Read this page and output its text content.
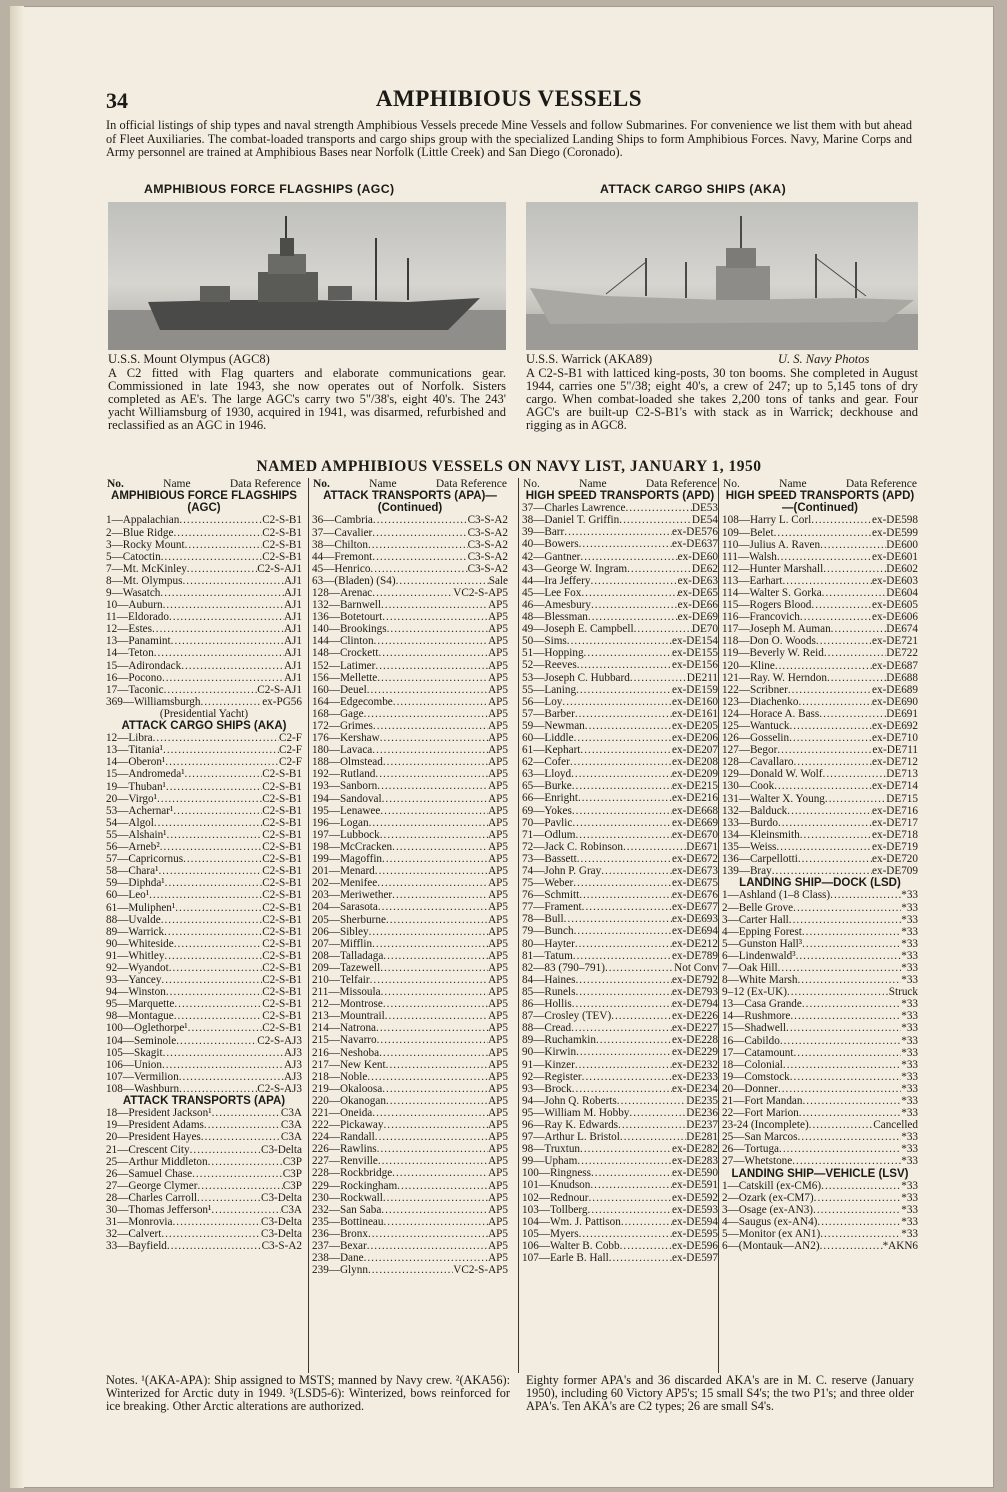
34	AMPHIBIOUS VESSELS
In official listings of ship types and naval strength Amphibious Vessels precede Mine Vessels and follow Submarines. For convenience we list them with but ahead of Fleet Auxiliaries. The combat-loaded transports and cargo ships group with the specialized Landing Ships to form Amphibious Forces. Navy, Marine Corps and Army personnel are trained at Amphibious Bases near Norfolk (Little Creek) and San Diego (Coronado).
AMPHIBIOUS FORCE FLAGSHIPS (AGC)	ATTACK CARGO SHIPS (AKA)
U.S.S. Mount Olympus (AGC8)	U.S.S. Warrick (AKA89)	U. S. Navy Photos
A C2 fitted with Flag quarters and elaborate communications gear. Commissioned in late 1943, she now operates out of Norfolk. Sisters completed as AE's. The large AGC's carry two 5"/38's, eight 40's. The 243' yacht Williamsburg of 1930, acquired in 1941, was disarmed, refurbished and reclassified as an AGC in 1946.
A C2-S-B1 with latticed king-posts, 30 ton booms. She completed in August 1944, carries one 5"/38; eight 40's, a crew of 247; up to 5,145 tons of dry cargo. When combat-loaded she takes 2,200 tons of tanks and gear. Four AGC's are built-up C2-S-B1's with stack as in Warrick; deckhouse and rigging as in AGC8.
NAMED AMPHIBIOUS VESSELS ON NAVY LIST, JANUARY 1, 1950
No.	Name	Data Reference
AMPHIBIOUS FORCE FLAGSHIPS (AGC)
1—Appalachian .....	C2-S-B1
2—Blue Ridge .....	C2-S-B1
3—Rocky Mount .....	C2-S-B1
5—Catoctin .....	C2-S-B1
7—Mt. McKinley .....	C2-S-AJ1
8—Mt. Olympus .....	AJ1
9—Wasatch .....	AJ1
10—Auburn .....	AJ1
11—Eldorado .....	AJ1
12—Estes .....	AJ1
13—Panamint .....	AJ1
14—Teton .....	AJ1
15—Adirondack .....	AJ1
16—Pocono .....	AJ1
17—Taconic .....	C2-S-AJ1
369—Williamsburgh .....	ex-PG56
(Presidential Yacht)
ATTACK CARGO SHIPS (AKA)
12—Libra .....	C2-F
13—Titania¹ .....	C2-F
14—Oberon¹ .....	C2-F
15—Andromeda¹ .....	C2-S-B1
19—Thuban¹ .....	C2-S-B1
20—Virgo¹ .....	C2-S-B1
53—Achernar¹ .....	C2-S-B1
54—Algol .....	C2-S-B1
55—Alshain¹ .....	C2-S-B1
56—Arneb² .....	C2-S-B1
57—Capricornus .....	C2-S-B1
58—Chara¹ .....	C2-S-B1
59—Diphda¹ .....	C2-S-B1
60—Leo¹ .....	C2-S-B1
61—Muliphen¹ .....	C2-S-B1
88—Uvalde .....	C2-S-B1
89—Warrick .....	C2-S-B1
90—Whiteside .....	C2-S-B1
91—Whitley .....	C2-S-B1
92—Wyandot .....	C2-S-B1
93—Yancey .....	C2-S-B1
94—Winston .....	C2-S-B1
95—Marquette .....	C2-S-B1
98—Montague .....	C2-S-B1
100—Oglethorpe¹ .....	C2-S-B1
104—Seminole .....	C2-S-AJ3
105—Skagit .....	AJ3
106—Union .....	AJ3
107—Vermilion .....	AJ3
108—Washburn .....	C2-S-AJ3
ATTACK TRANSPORTS (APA)
18—President Jackson¹ .....	C3A
19—President Adams .....	C3A
20—President Hayes .....	C3A
21—Crescent City .....	C3-Delta
25—Arthur Middleton .....	C3P
26—Samuel Chase .....	C3P
27—George Clymer .....	C3P
28—Charles Carroll .....	C3-Delta
30—Thomas Jefferson¹ .....	C3A
31—Monrovia .....	C3-Delta
32—Calvert .....	C3-Delta
33—Bayfield .....	C3-S-A2
No.	Name	Data Reference
ATTACK TRANSPORTS (APA)—(Continued)
36—Cambria .....	C3-S-A2
37—Cavalier .....	C3-S-A2
38—Chilton .....	C3-S-A2
44—Fremont .....	C3-S-A2
45—Henrico .....	C3-S-A2
63—(Bladen) (S4) .....	Sale
128—Arenac .....	VC2-S-AP5
132—Barnwell .....	AP5
136—Botetourt .....	AP5
140—Brookings .....	AP5
144—Clinton .....	AP5
148—Crockett .....	AP5
152—Latimer .....	AP5
156—Mellette .....	AP5
160—Deuel .....	AP5
164—Edgecombe .....	AP5
168—Gage .....	AP5
172—Grimes .....	AP5
176—Kershaw .....	AP5
180—Lavaca .....	AP5
188—Olmstead .....	AP5
192—Rutland .....	AP5
193—Sanborn .....	AP5
194—Sandoval .....	AP5
195—Lenawee .....	AP5
196—Logan .....	AP5
197—Lubbock .....	AP5
198—McCracken .....	AP5
199—Magoffin .....	AP5
201—Menard .....	AP5
202—Menifee .....	AP5
203—Meriwether .....	AP5
204—Sarasota .....	AP5
205—Sherburne .....	AP5
206—Sibley .....	AP5
207—Mifflin .....	AP5
208—Talladaga .....	AP5
209—Tazewell .....	AP5
210—Telfair .....	AP5
211—Missoula .....	AP5
212—Montrose .....	AP5
213—Mountrail .....	AP5
214—Natrona .....	AP5
215—Navarro .....	AP5
216—Neshoba .....	AP5
217—New Kent .....	AP5
218—Noble .....	AP5
219—Okaloosa .....	AP5
220—Okanogan .....	AP5
221—Oneida .....	AP5
222—Pickaway .....	AP5
224—Randall .....	AP5
226—Rawlins .....	AP5
227—Renville .....	AP5
228—Rockbridge .....	AP5
229—Rockingham .....	AP5
230—Rockwall .....	AP5
232—San Saba .....	AP5
235—Bottineau .....	AP5
236—Bronx .....	AP5
237—Bexar .....	AP5
238—Dane .....	AP5
239—Glynn .....	VC2-S-AP5
No.	Name	Data Reference
HIGH SPEED TRANSPORTS (APD)
37—Charles Lawrence .....	DE53
38—Daniel T. Griffin .....	DE54
39—Barr .....	ex-DE576
40—Bowers .....	ex-DE637
42—Gantner .....	ex-DE60
43—George W. Ingram .....	DE62
44—Ira Jeffery .....	ex-DE63
45—Lee Fox .....	ex-DE65
46—Amesbury .....	ex-DE66
48—Blessman .....	ex-DE69
49—Joseph E. Campbell .....	DE70
50—Sims .....	ex-DE154
51—Hopping .....	ex-DE155
52—Reeves .....	ex-DE156
53—Joseph C. Hubbard .....	DE211
55—Laning .....	ex-DE159
56—Loy .....	ex-DE160
57—Barber .....	ex-DE161
59—Newman .....	ex-DE205
60—Liddle .....	ex-DE206
61—Kephart .....	ex-DE207
62—Cofer .....	ex-DE208
63—Lloyd .....	ex-DE209
65—Burke .....	ex-DE215
66—Enright .....	ex-DE216
69—Yokes .....	ex-DE668
70—Pavlic .....	ex-DE669
71—Odlum .....	ex-DE670
72—Jack C. Robinson .....	DE671
73—Bassett .....	ex-DE672
74—John P. Gray .....	ex-DE673
75—Weber .....	ex-DE675
76—Schmitt .....	ex-DE676
77—Frament .....	ex-DE677
78—Bull .....	ex-DE693
79—Bunch .....	ex-DE694
80—Hayter .....	ex-DE212
81—Tatum .....	ex-DE789
82—83 (790–791) .....	Not Conv
84—Haines .....	ex-DE792
85—Runels .....	ex-DE793
86—Hollis .....	ex-DE794
87—Crosley (TEV) .....	ex-DE226
88—Cread .....	ex-DE227
89—Ruchamkin .....	ex-DE228
90—Kirwin .....	ex-DE229
91—Kinzer .....	ex-DE232
92—Register .....	ex-DE233
93—Brock .....	ex-DE234
94—John Q. Roberts .....	DE235
95—William M. Hobby .....	DE236
96—Ray K. Edwards .....	DE237
97—Arthur L. Bristol .....	DE281
98—Truxtun .....	ex-DE282
99—Upham .....	ex-DE283
100—Ringness .....	ex-DE590
101—Knudson .....	ex-DE591
102—Rednour .....	ex-DE592
103—Tollberg .....	ex-DE593
104—Wm. J. Pattison .....	ex-DE594
105—Myers .....	ex-DE595
106—Walter B. Cobb .....	ex-DE596
107—Earle B. Hall .....	ex-DE597
No.	Name	Data Reference
HIGH SPEED TRANSPORTS (APD)—(Continued)
108—Harry L. Corl .....	ex-DE598
109—Belet .....	ex-DE599
110—Julius A. Raven .....	DE600
111—Walsh .....	ex-DE601
112—Hunter Marshall .....	DE602
113—Earhart .....	ex-DE603
114—Walter S. Gorka .....	DE604
115—Rogers Blood .....	ex-DE605
116—Francovich .....	ex-DE606
117—Joseph M. Auman .....	DE674
118—Don O. Woods .....	ex-DE721
119—Beverly W. Reid .....	DE722
120—Kline .....	ex-DE687
121—Ray. W. Herndon .....	DE688
122—Scribner .....	ex-DE689
123—Diachenko .....	ex-DE690
124—Horace A. Bass .....	DE691
125—Wantuck .....	ex-DE692
126—Gosselin .....	ex-DE710
127—Begor .....	ex-DE711
128—Cavallaro .....	ex-DE712
129—Donald W. Wolf .....	DE713
130—Cook .....	ex-DE714
131—Walter X. Young .....	DE715
132—Balduck .....	ex-DE716
133—Burdo .....	ex-DE717
134—Kleinsmith .....	ex-DE718
135—Weiss .....	ex-DE719
136—Carpellotti .....	ex-DE720
139—Bray .....	ex-DE709
LANDING SHIP—DOCK (LSD)
1—Ashland (1–8 Class) .....	*33
2—Belle Grove .....	*33
3—Carter Hall .....	*33
4—Epping Forest .....	*33
5—Gunston Hall³ .....	*33
6—Lindenwald³ .....	*33
7—Oak Hill .....	*33
8—White Marsh .....	*33
9–12 (Ex-UK) .....	Struck
13—Casa Grande .....	*33
14—Rushmore .....	*33
15—Shadwell .....	*33
16—Cabildo .....	*33
17—Catamount .....	*33
18—Colonial .....	*33
19—Comstock .....	*33
20—Donner .....	*33
21—Fort Mandan .....	*33
22—Fort Marion .....	*33
23-24 (Incomplete) .....	Cancelled
25—San Marcos .....	*33
26—Tortuga .....	*33
27—Whetstone .....	*33
LANDING SHIP—VEHICLE (LSV)
1—Catskill (ex-CM6) .....	*33
2—Ozark (ex-CM7) .....	*33
3—Osage (ex-AN3) .....	*33
4—Saugus (ex-AN4) .....	*33
5—Monitor (ex AN1) .....	*33
6—(Montauk—AN2) .....	*AKN6
Notes. ¹(AKA-APA): Ship assigned to MSTS; manned by Navy crew. ²(AKA56): Winterized for Arctic duty in 1949. ³(LSD5-6): Winterized, bows reinforced for ice breaking. Other Arctic alterations are authorized.
Eighty former APA's and 36 discarded AKA's are in M. C. reserve (January 1950), including 60 Victory AP5's; 15 small S4's; the two P1's; and three older APA's. Ten AKA's are C2 types; 26 are small S4's.
